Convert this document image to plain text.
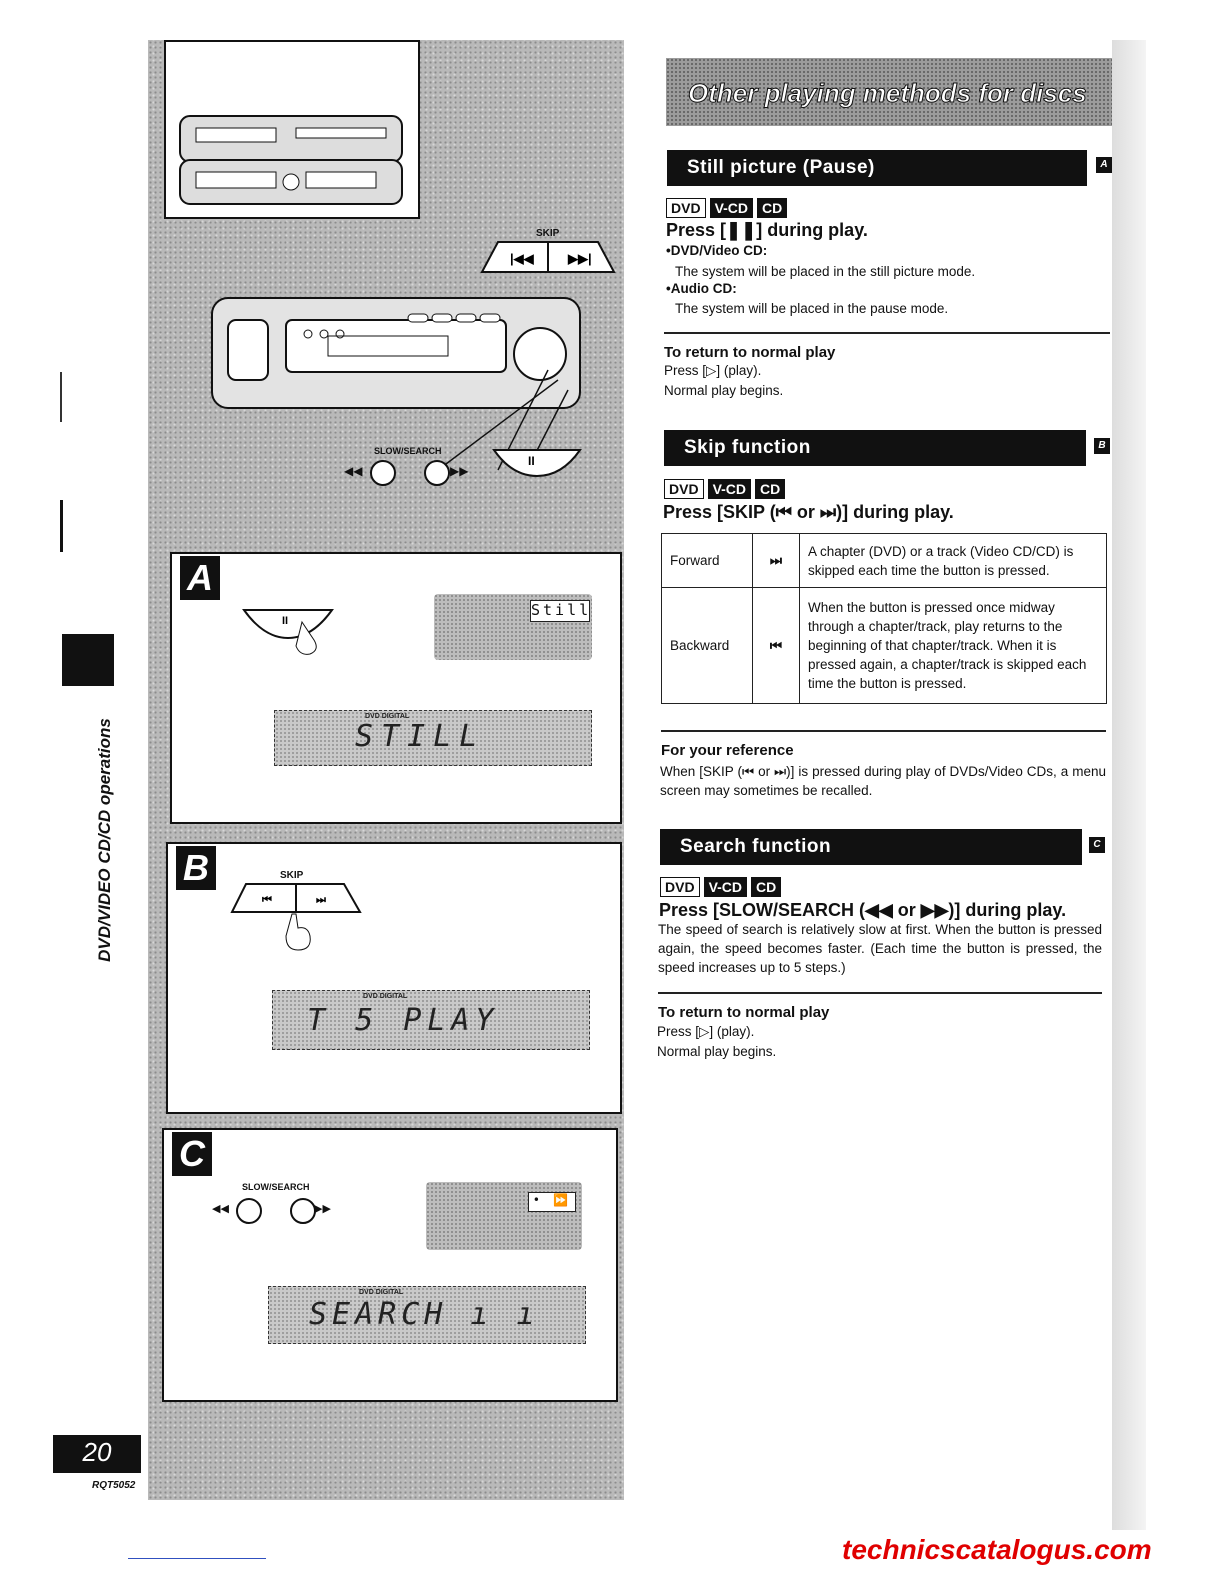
DVD/VIDEO CD/CD operations
20
RQT5052
SKIP
|◀◀	▶▶|
SLOW/SEARCH
◀◀	▶▶
II
A
II
Still
DVD DIGITAL
STILL
B	SKIP
⏮	⏭
DVD DIGITAL
T 5 PLAY
C
SLOW/SEARCH
◀◀	▶▶
• ⏩
DVD DIGITAL
SEARCH ı ı
Other playing methods for discs
Still picture (Pause)	A
DVD	V-CD	CD
Press [❚❚] during play.
•DVD/Video CD:
The system will be placed in the still picture mode.
•Audio CD:
The system will be placed in the pause mode.
To return to normal play
Press [▷] (play).
Normal play begins.
Skip function	B
DVD	V-CD	CD
Press [SKIP (⏮ or ⏭)] during play.
Forward	⏭	A chapter (DVD) or a track (Video CD/CD) is skipped each time the button is pressed.
Backward	⏮	When the button is pressed once midway through a chapter/track, play returns to the beginning of that chapter/track. When it is pressed again, a chapter/track is skipped each time the button is pressed.
For your reference
When [SKIP (⏮ or ⏭)] is pressed during play of DVDs/Video CDs, a menu screen may sometimes be recalled.
Search function	C
DVD	V-CD	CD
Press [SLOW/SEARCH (◀◀ or ▶▶)] during play.
The speed of search is relatively slow at first. When the button is pressed again, the speed becomes faster. (Each time the button is pressed, the speed increases up to 5 steps.)
To return to normal play
Press [▷] (play).
Normal play begins.
technicscatalogus.com
